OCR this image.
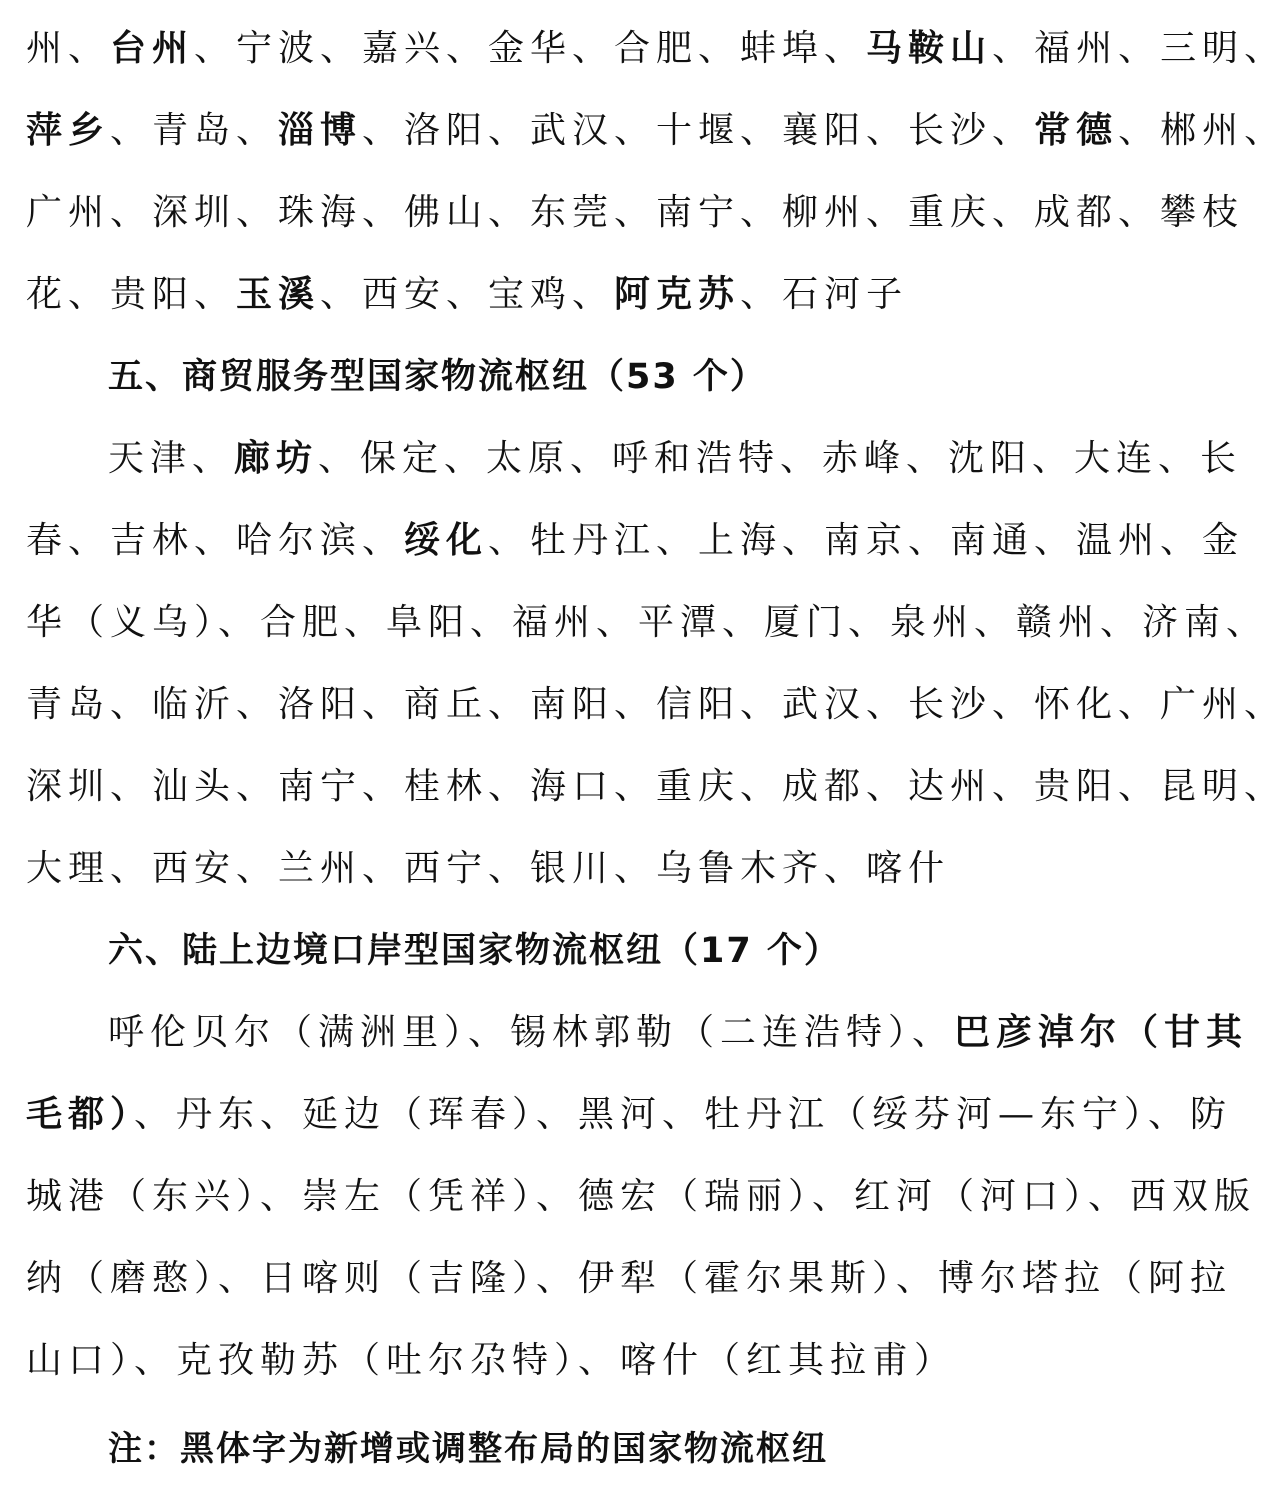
州、台州、宁波、嘉兴、金华、合肥、蚌埠、马鞍山、福州、三明、
萍乡、青岛、淄博、洛阳、武汉、十堰、襄阳、长沙、常德、郴州、
广州、深圳、珠海、佛山、东莞、南宁、柳州、重庆、成都、攀枝
花、贵阳、玉溪、西安、宝鸡、阿克苏、石河子
五、商贸服务型国家物流枢纽（53 个）
天津、廊坊、保定、太原、呼和浩特、赤峰、沈阳、大连、长
春、吉林、哈尔滨、绥化、牡丹江、上海、南京、南通、温州、金
华（义乌）、合肥、阜阳、福州、平潭、厦门、泉州、赣州、济南、
青岛、临沂、洛阳、商丘、南阳、信阳、武汉、长沙、怀化、广州、
深圳、汕头、南宁、桂林、海口、重庆、成都、达州、贵阳、昆明、
大理、西安、兰州、西宁、银川、乌鲁木齐、喀什
六、陆上边境口岸型国家物流枢纽（17 个）
呼伦贝尔（满洲里）、锡林郭勒（二连浩特）、巴彦淖尔（甘其
毛都）、丹东、延边（珲春）、黑河、牡丹江（绥芬河—东宁）、防
城港（东兴）、崇左（凭祥）、德宏（瑞丽）、红河（河口）、西双版
纳（磨憨）、日喀则（吉隆）、伊犁（霍尔果斯）、博尔塔拉（阿拉
山口）、克孜勒苏（吐尔尕特）、喀什（红其拉甫）
注：黑体字为新增或调整布局的国家物流枢纽
